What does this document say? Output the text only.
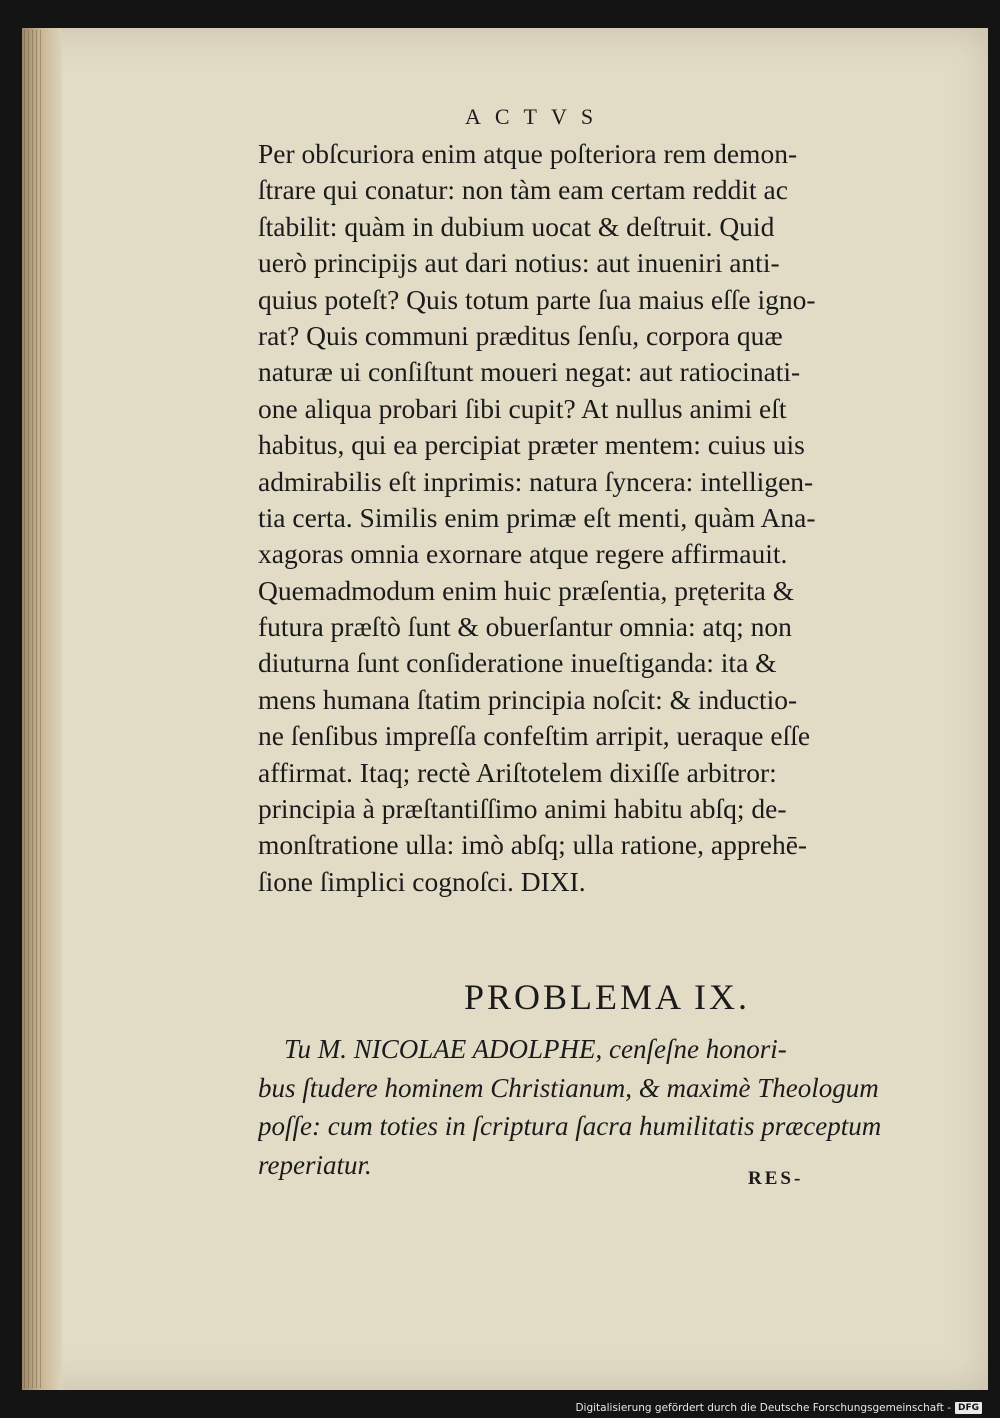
ACTVS
Per obſcuriora enim atque poſteriora rem demon-
ſtrare qui conatur: non tàm eam certam reddit ac
ſtabilit: quàm in dubium uocat & deſtruit. Quid
uerò principijs aut dari notius: aut inueniri anti-
quius poteſt? Quis totum parte ſua maius eſſe igno-
rat? Quis communi præditus ſenſu, corpora quæ
naturæ ui conſiſtunt moueri negat: aut ratiocinati-
one aliqua probari ſibi cupit? At nullus animi eſt
habitus, qui ea percipiat præter mentem: cuius uis
admirabilis eſt inprimis: natura ſyncera: intelligen-
tia certa. Similis enim primæ eſt menti, quàm Ana-
xagoras omnia exornare atque regere affirmauit.
Quemadmodum enim huic præſentia, pręterita &
futura præſtò ſunt & obuerſantur omnia: atq; non
diuturna ſunt conſideratione inueſtiganda: ita &
mens humana ſtatim principia noſcit: & inductio-
ne ſenſibus impreſſa confeſtim arripit, ueraque eſſe
affirmat. Itaq; rectè Ariſtotelem dixiſſe arbitror:
principia à præſtantiſſimo animi habitu abſq; de-
monſtratione ulla: imò abſq; ulla ratione, apprehē-
ſione ſimplici cognoſci. DIXI.
PROBLEMA IX.
Tu M. NICOLAE ADOLPHE, cenſeſne honori-
bus ſtudere hominem Christianum, & maximè Theologum
poſſe: cum toties in ſcriptura ſacra humilitatis præceptum
reperiatur.	RES-
Digitalisierung gefördert durch die Deutsche Forschungsgemeinschaft - DFG
